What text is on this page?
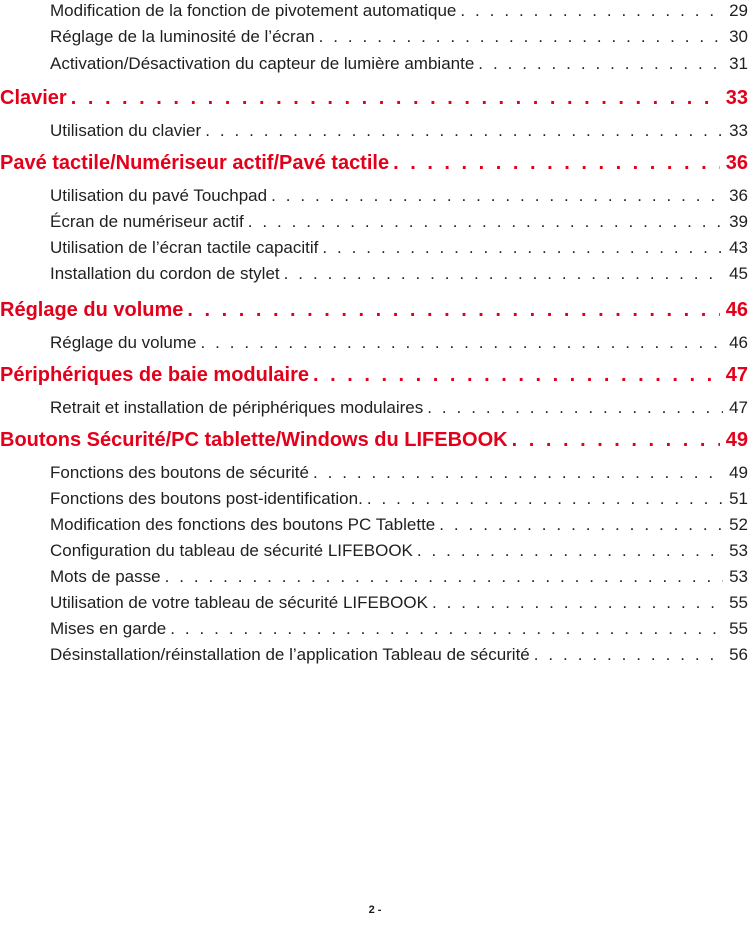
Modification de la fonction de pivotement automatique . . .	29
Réglage de la luminosité de l’écran . . .	30
Activation/Désactivation du capteur de lumière ambiante . . .	31
Clavier . . .	33
Utilisation du clavier . . .	33
Pavé tactile/Numériseur actif/Pavé tactile . . .	36
Utilisation du pavé Touchpad . . .	36
Écran de numériseur actif . . .	39
Utilisation de l’écran tactile capacitif . . .	43
Installation du cordon de stylet . . .	45
Réglage du volume . . .	46
Réglage du volume . . .	46
Périphériques de baie modulaire . . .	47
Retrait et installation de périphériques modulaires . . .	47
Boutons Sécurité/PC tablette/Windows du LIFEBOOK . . .	49
Fonctions des boutons de sécurité . . .	49
Fonctions des boutons post-identification. . . .	51
Modification des fonctions des boutons PC Tablette . . .	52
Configuration du tableau de sécurité LIFEBOOK . . .	53
Mots de passe . . .	53
Utilisation de votre tableau de sécurité LIFEBOOK . . .	55
Mises en garde . . .	55
Désinstallation/réinstallation de l’application Tableau de sécurité . . .	56
2 -
